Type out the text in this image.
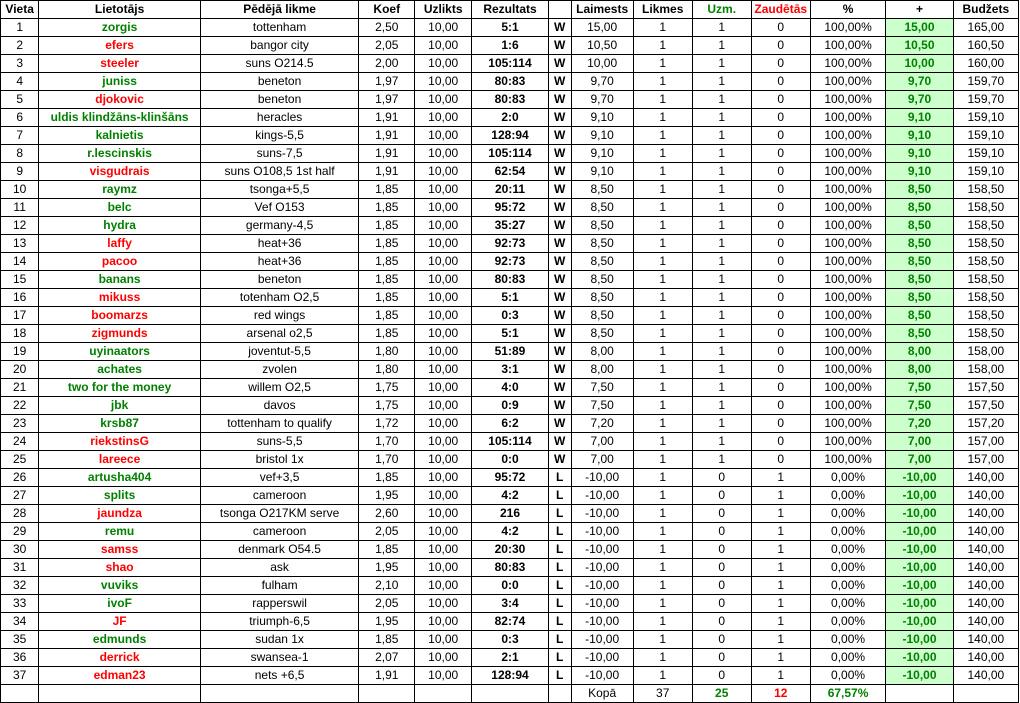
Vieta	Lietotājs	Pēdējā likme	Koef	Uzlikts	Rezultats		Laimests	Likmes	Uzm.	Zaudētās	%	+	Budžets
1	zorgis	tottenham	2,50	10,00	5:1	W	15,00	1	1	0	100,00%	15,00	165,00
2	efers	bangor city	2,05	10,00	1:6	W	10,50	1	1	0	100,00%	10,50	160,50
3	steeler	suns O214.5	2,00	10,00	105:114	W	10,00	1	1	0	100,00%	10,00	160,00
4	juniss	beneton	1,97	10,00	80:83	W	9,70	1	1	0	100,00%	9,70	159,70
5	djokovic	beneton	1,97	10,00	80:83	W	9,70	1	1	0	100,00%	9,70	159,70
6	uldis klindžāns-klinšāns	heracles	1,91	10,00	2:0	W	9,10	1	1	0	100,00%	9,10	159,10
7	kalnietis	kings-5,5	1,91	10,00	128:94	W	9,10	1	1	0	100,00%	9,10	159,10
8	r.lescinskis	suns-7,5	1,91	10,00	105:114	W	9,10	1	1	0	100,00%	9,10	159,10
9	visgudrais	suns O108,5 1st half	1,91	10,00	62:54	W	9,10	1	1	0	100,00%	9,10	159,10
10	raymz	tsonga+5,5	1,85	10,00	20:11	W	8,50	1	1	0	100,00%	8,50	158,50
11	belc	Vef O153	1,85	10,00	95:72	W	8,50	1	1	0	100,00%	8,50	158,50
12	hydra	germany-4,5	1,85	10,00	35:27	W	8,50	1	1	0	100,00%	8,50	158,50
13	laffy	heat+36	1,85	10,00	92:73	W	8,50	1	1	0	100,00%	8,50	158,50
14	pacoo	heat+36	1,85	10,00	92:73	W	8,50	1	1	0	100,00%	8,50	158,50
15	banans	beneton	1,85	10,00	80:83	W	8,50	1	1	0	100,00%	8,50	158,50
16	mikuss	totenham O2,5	1,85	10,00	5:1	W	8,50	1	1	0	100,00%	8,50	158,50
17	boomarzs	red wings	1,85	10,00	0:3	W	8,50	1	1	0	100,00%	8,50	158,50
18	zigmunds	arsenal o2,5	1,85	10,00	5:1	W	8,50	1	1	0	100,00%	8,50	158,50
19	uyinaators	joventut-5,5	1,80	10,00	51:89	W	8,00	1	1	0	100,00%	8,00	158,00
20	achates	zvolen	1,80	10,00	3:1	W	8,00	1	1	0	100,00%	8,00	158,00
21	two for the money	willem O2,5	1,75	10,00	4:0	W	7,50	1	1	0	100,00%	7,50	157,50
22	jbk	davos	1,75	10,00	0:9	W	7,50	1	1	0	100,00%	7,50	157,50
23	krsb87	tottenham to qualify	1,72	10,00	6:2	W	7,20	1	1	0	100,00%	7,20	157,20
24	riekstinsG	suns-5,5	1,70	10,00	105:114	W	7,00	1	1	0	100,00%	7,00	157,00
25	lareece	bristol 1x	1,70	10,00	0:0	W	7,00	1	1	0	100,00%	7,00	157,00
26	artusha404	vef+3,5	1,85	10,00	95:72	L	-10,00	1	0	1	0,00%	-10,00	140,00
27	splits	cameroon	1,95	10,00	4:2	L	-10,00	1	0	1	0,00%	-10,00	140,00
28	jaundza	tsonga O217KM serve	2,60	10,00	216	L	-10,00	1	0	1	0,00%	-10,00	140,00
29	remu	cameroon	2,05	10,00	4:2	L	-10,00	1	0	1	0,00%	-10,00	140,00
30	samss	denmark O54.5	1,85	10,00	20:30	L	-10,00	1	0	1	0,00%	-10,00	140,00
31	shao	ask	1,95	10,00	80:83	L	-10,00	1	0	1	0,00%	-10,00	140,00
32	vuviks	fulham	2,10	10,00	0:0	L	-10,00	1	0	1	0,00%	-10,00	140,00
33	ivoF	rapperswil	2,05	10,00	3:4	L	-10,00	1	0	1	0,00%	-10,00	140,00
34	JF	triumph-6,5	1,95	10,00	82:74	L	-10,00	1	0	1	0,00%	-10,00	140,00
35	edmunds	sudan 1x	1,85	10,00	0:3	L	-10,00	1	0	1	0,00%	-10,00	140,00
36	derrick	swansea-1	2,07	10,00	2:1	L	-10,00	1	0	1	0,00%	-10,00	140,00
37	edman23	nets +6,5	1,91	10,00	128:94	L	-10,00	1	0	1	0,00%	-10,00	140,00
							Kopā	37	25	12	67,57%		
